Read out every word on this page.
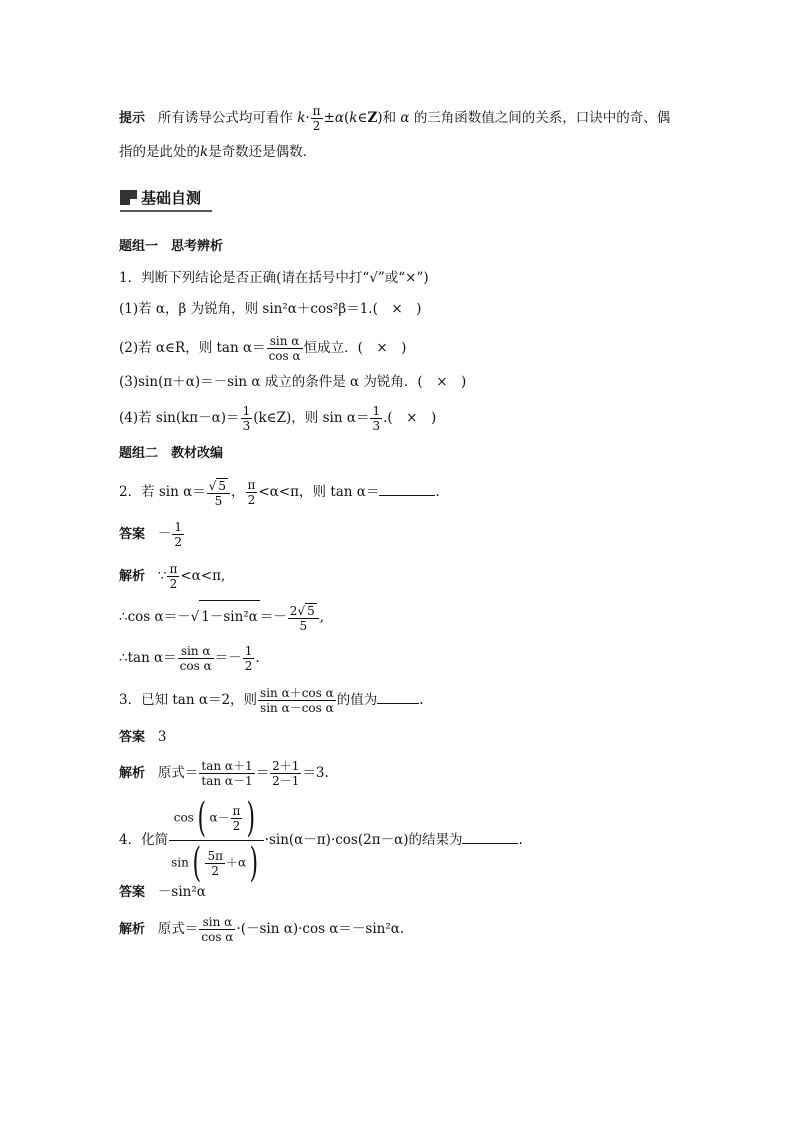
提示 所有诱导公式均可看作 $k\cdot \frac{\pi}{2}$ ±α(k∈Z)和 α 的三角函数值之间的关系，口诀中的奇、偶
指的是此处的k是奇数还是偶数．
基础自测
题组一　思考辨析
1．判断下列结论是否正确(请在括号中打“√”或“×”)
(1)若 α，β 为锐角，则 sin²α＋cos²β＝1.(　×　)
(2)若 α∈R，则 $\tan \alpha= \frac{\text{sin α}}{\text{cos α}}$ 恒成立．(　×　)
(3)sin(π＋α)＝－sin α 成立的条件是 α 为锐角．(　×　)
(4)若 $\sin(k\pi-\alpha)= \frac{1}{3}$ (k∈Z)，则 $\sin \alpha= \frac{1}{3}$ .(　×　)
题组二　教材改编
2．若 $\sin \alpha= \frac{√ 5}{5}$ ， $\frac{\pi}{2} <\alpha<\pi$，则 tan α＝	.
答案 － $\frac{1}{2}$
解析 ∵ $\frac{\pi}{2} <\alpha<\pi$,
∴cos α＝－√ $1-\sin^2\alpha =- \frac{2√ 5}{5}$ ,
∴tan $\alpha= \frac{\text{sin α}}{\text{cos α}} =- \frac{1}{2}$ .
3．已知 tan α＝2，则 $\frac{\text{sin α＋cos α}}{\text{sin α－cos α}}$ 的值为	.
答案 3
解析 原式＝ $\frac{\text{tan α＋1}}{\text{tan α－1}} = \frac{2+1}{2-1} =3$.
4．化简 $\frac{\cos( \alpha- \frac{\pi}{2} )}{\sin( \frac{5\pi}{2} +\alpha)} \cdot\sin(\alpha-\pi)\cdot\cos(2\pi-\alpha)$的结果为	.
答案 －sin²α
解析 原式＝ $\frac{\text{sin α}}{\text{cos α}} \cdot(-\sin$ α)·cos α＝－sin²α.
